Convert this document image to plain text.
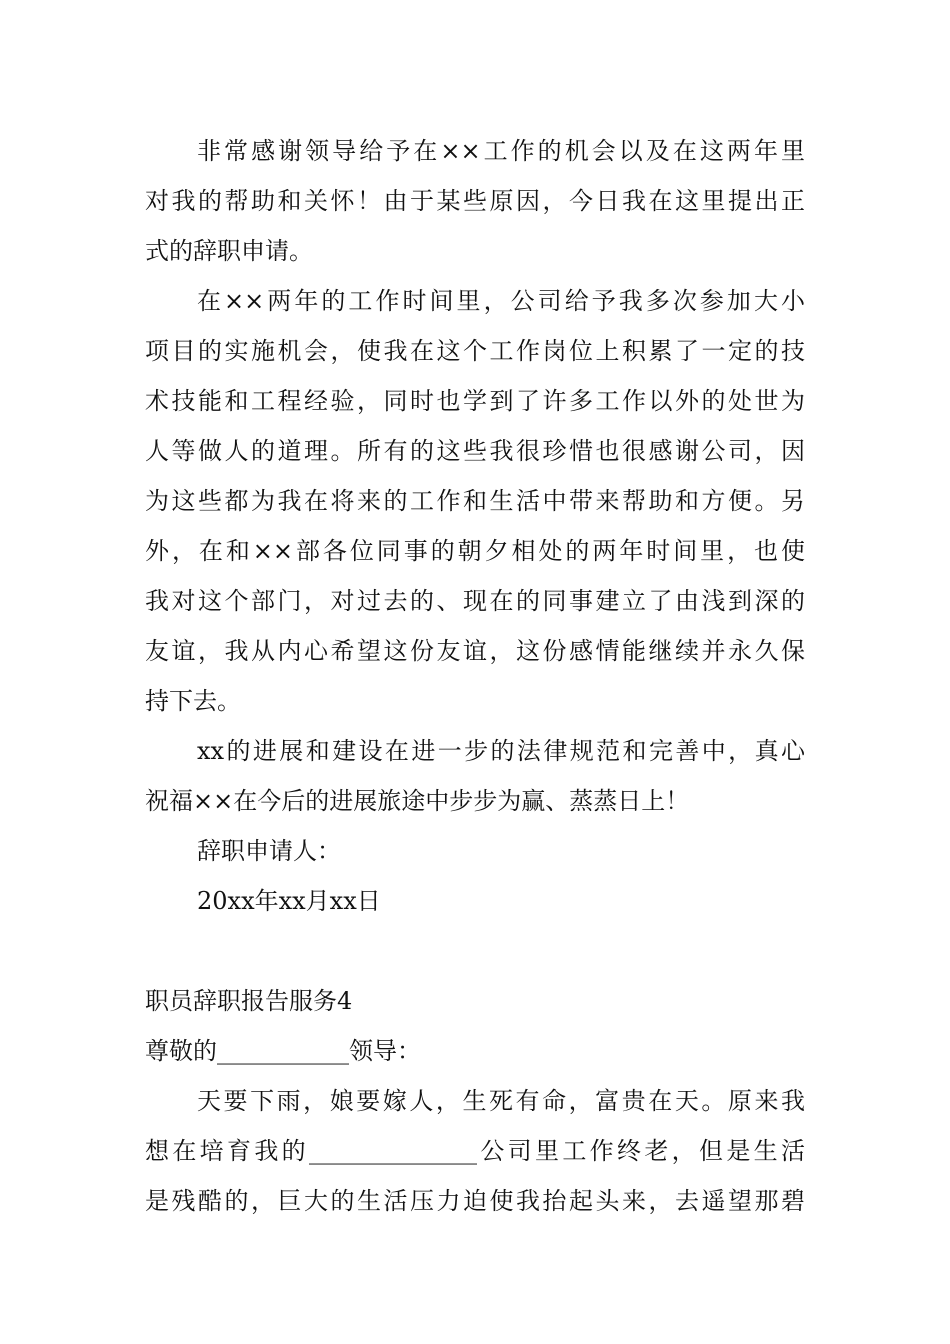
非常感谢领导给予在××工作的机会以及在这两年里
对我的帮助和关怀！由于某些原因，今日我在这里提出正
式的辞职申请。
在××两年的工作时间里，公司给予我多次参加大小
项目的实施机会，使我在这个工作岗位上积累了一定的技
术技能和工程经验，同时也学到了许多工作以外的处世为
人等做人的道理。所有的这些我很珍惜也很感谢公司，因
为这些都为我在将来的工作和生活中带来帮助和方便。另
外，在和××部各位同事的朝夕相处的两年时间里，也使
我对这个部门，对过去的、现在的同事建立了由浅到深的
友谊，我从内心希望这份友谊，这份感情能继续并永久保
持下去。
xx的进展和建设在进一步的法律规范和完善中，真心
祝福××在今后的进展旅途中步步为赢、蒸蒸日上！
辞职申请人：
20xx年xx月xx日
职员辞职报告服务4
尊敬的___________领导：
天要下雨，娘要嫁人，生死有命，富贵在天。原来我
想在培育我的______________公司里工作终老，但是生活
是残酷的，巨大的生活压力迫使我抬起头来，去遥望那碧
